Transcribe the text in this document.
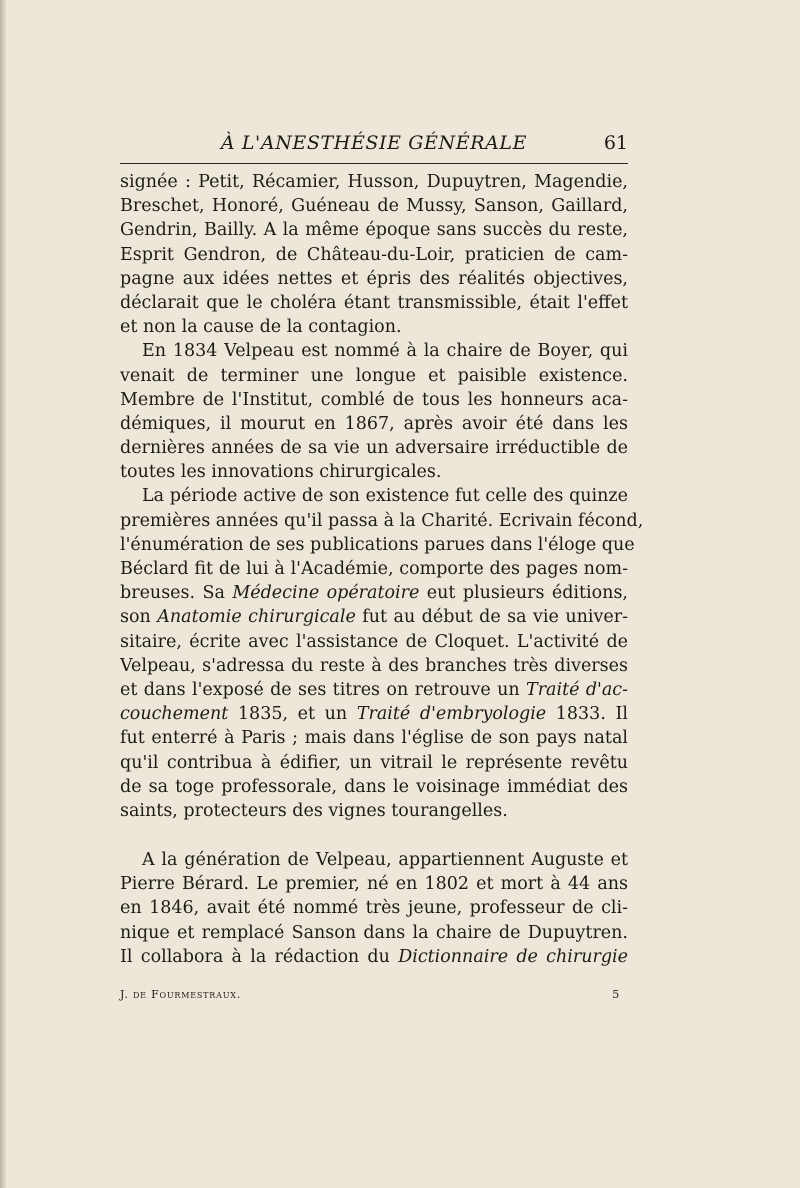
À L'ANESTHÉSIE GÉNÉRALE	61
signée : Petit, Récamier, Husson, Dupuytren, Magendie,
Breschet, Honoré, Guéneau de Mussy, Sanson, Gaillard,
Gendrin, Bailly. A la même époque sans succès du reste,
Esprit Gendron, de Château-du-Loir, praticien de cam-
pagne aux idées nettes et épris des réalités objectives,
déclarait que le choléra étant transmissible, était l'effet
et non la cause de la contagion.
En 1834 Velpeau est nommé à la chaire de Boyer, qui
venait de terminer une longue et paisible existence.
Membre de l'Institut, comblé de tous les honneurs aca-
démiques, il mourut en 1867, après avoir été dans les
dernières années de sa vie un adversaire irréductible de
toutes les innovations chirurgicales.
La période active de son existence fut celle des quinze
premières années qu'il passa à la Charité. Ecrivain fécond,
l'énumération de ses publications parues dans l'éloge que
Béclard fit de lui à l'Académie, comporte des pages nom-
breuses. Sa Médecine opératoire eut plusieurs éditions,
son Anatomie chirurgicale fut au début de sa vie univer-
sitaire, écrite avec l'assistance de Cloquet. L'activité de
Velpeau, s'adressa du reste à des branches très diverses
et dans l'exposé de ses titres on retrouve un Traité d'ac-
couchement 1835, et un Traité d'embryologie 1833. Il
fut enterré à Paris ; mais dans l'église de son pays natal
qu'il contribua à édifier, un vitrail le représente revêtu
de sa toge professorale, dans le voisinage immédiat des
saints, protecteurs des vignes tourangelles.
A la génération de Velpeau, appartiennent Auguste et
Pierre Bérard. Le premier, né en 1802 et mort à 44 ans
en 1846, avait été nommé très jeune, professeur de cli-
nique et remplacé Sanson dans la chaire de Dupuytren.
Il collabora à la rédaction du Dictionnaire de chirurgie
J. de Fourmestraux.	5
